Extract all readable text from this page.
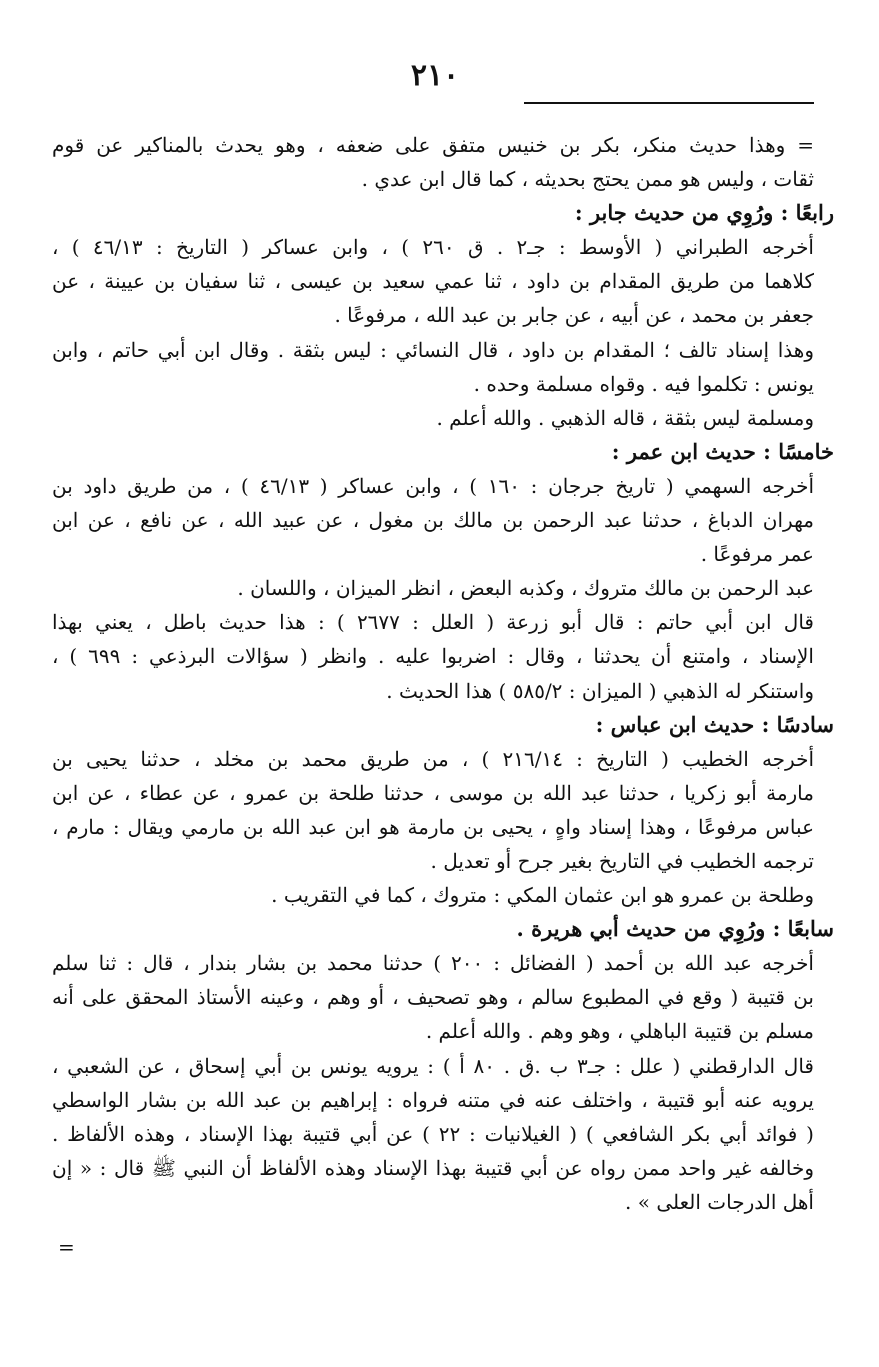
٢١٠
= وهذا حديث منكر، بكر بن خنيس متفق على ضعفه ، وهو يحدث بالمناكير عن قوم
ثقات ، وليس هو ممن يحتج بحديثه ، كما قال ابن عدي .
رابعًا : ورُوِي من حديث جابر :
أخرجه الطبراني ( الأوسط : جـ٢ . ق ٢٦٠ ) ، وابن عساكر ( التاريخ : ٤٦/١٣ ) ،
كلاهما من طريق المقدام بن داود ، ثنا عمي سعيد بن عيسى ، ثنا سفيان بن عيينة ، عن
جعفر بن محمد ، عن أبيه ، عن جابر بن عبد الله ، مرفوعًا .
وهذا إسناد تالف ؛ المقدام بن داود ، قال النسائي : ليس بثقة . وقال ابن أبي حاتم ، وابن
يونس : تكلموا فيه . وقواه مسلمة وحده .
ومسلمة ليس بثقة ، قاله الذهبي . والله أعلم .
خامسًا : حديث ابن عمر :
أخرجه السهمي ( تاريخ جرجان : ١٦٠ ) ، وابن عساكر ( ٤٦/١٣ ) ، من طريق داود بن
مهران الدباغ ، حدثنا عبد الرحمن بن مالك بن مغول ، عن عبيد الله ، عن نافع ، عن ابن
عمر مرفوعًا .
عبد الرحمن بن مالك متروك ، وكذبه البعض ، انظر الميزان ، واللسان .
قال ابن أبي حاتم : قال أبو زرعة ( العلل : ٢٦٧٧ ) : هذا حديث باطل ، يعني بهذا
الإسناد ، وامتنع أن يحدثنا ، وقال : اضربوا عليه . وانظر ( سؤالات البرذعي : ٦٩٩ ) ،
واستنكر له الذهبي ( الميزان : ٥٨٥/٢ ) هذا الحديث .
سادسًا : حديث ابن عباس :
أخرجه الخطيب ( التاريخ : ٢١٦/١٤ ) ، من طريق محمد بن مخلد ، حدثنا يحيى بن
مارمة أبو زكريا ، حدثنا عبد الله بن موسى ، حدثنا طلحة بن عمرو ، عن عطاء ، عن ابن
عباس مرفوعًا ، وهذا إسناد واهٍ ، يحيى بن مارمة هو ابن عبد الله بن مارمي ويقال : مارم ،
ترجمه الخطيب في التاريخ بغير جرح أو تعديل .
وطلحة بن عمرو هو ابن عثمان المكي : متروك ، كما في التقريب .
سابعًا : ورُوِي من حديث أبي هريرة .
أخرجه عبد الله بن أحمد ( الفضائل : ٢٠٠ ) حدثنا محمد بن بشار بندار ، قال : ثنا سلم
بن قتيبة ( وقع في المطبوع سالم ، وهو تصحيف ، أو وهم ، وعينه الأستاذ المحقق على أنه
مسلم بن قتيبة الباهلي ، وهو وهم . والله أعلم .
قال الدارقطني ( علل : جـ٣ ب .ق . ٨٠ أ ) : يرويه يونس بن أبي إسحاق ، عن الشعبي ،
يرويه عنه أبو قتيبة ، واختلف عنه في متنه فرواه : إبراهيم بن عبد الله بن بشار الواسطي
( فوائد أبي بكر الشافعي ) ( الغيلانيات : ٢٢ ) عن أبي قتيبة بهذا الإسناد ، وهذه الألفاظ .
وخالفه غير واحد ممن رواه عن أبي قتيبة بهذا الإسناد وهذه الألفاظ أن النبي ﷺ قال : « إن
أهل الدرجات العلى » .
=
